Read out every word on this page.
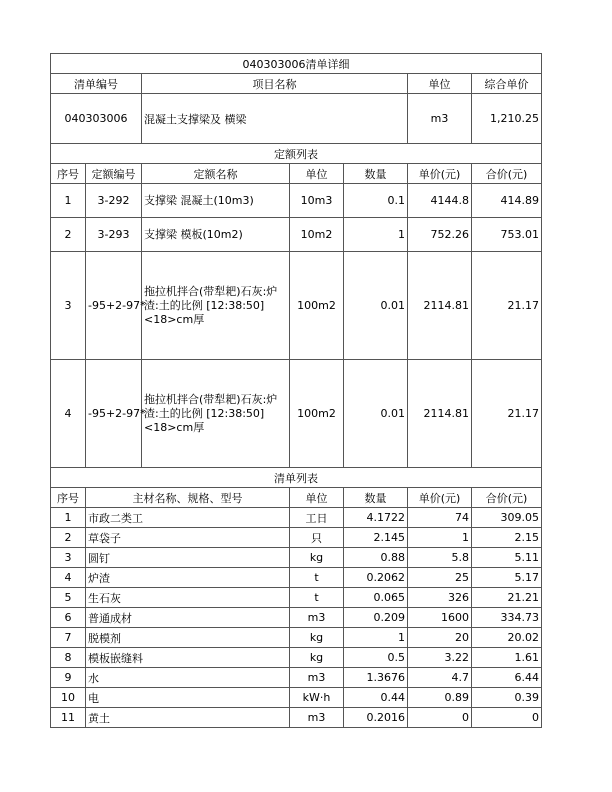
040303006清单详细						
清单编号		项目名称			单位	综合单价
040303006		混凝土支撑梁及 横梁			m3	1,210.25
定额列表						
序号	定额编号	定额名称	单位	数量	单价(元)	合价(元)
1	3-292	支撑梁 混凝土(10m3)	10m3	0.1	4144.8	414.89
2	3-293	支撑梁 模板(10m2)	10m2	1	752.26	753.01
3	-95+2-97*	拖拉机拌合(带犁耙)石灰:炉渣:土的比例 [12:38:50] <18>cm厚	100m2	0.01	2114.81	21.17
4	-95+2-97*	拖拉机拌合(带犁耙)石灰:炉渣:土的比例 [12:38:50] <18>cm厚	100m2	0.01	2114.81	21.17
清单列表						
序号	主材名称、规格、型号		单位	数量	单价(元)	合价(元)
1	市政二类工		工日	4.1722	74	309.05
2	草袋子		只	2.145	1	2.15
3	圆钉		kg	0.88	5.8	5.11
4	炉渣		t	0.2062	25	5.17
5	生石灰		t	0.065	326	21.21
6	普通成材		m3	0.209	1600	334.73
7	脱模剂		kg	1	20	20.02
8	模板嵌缝料		kg	0.5	3.22	1.61
9	水		m3	1.3676	4.7	6.44
10	电		kW·h	0.44	0.89	0.39
11	黄土		m3	0.2016	0	0
